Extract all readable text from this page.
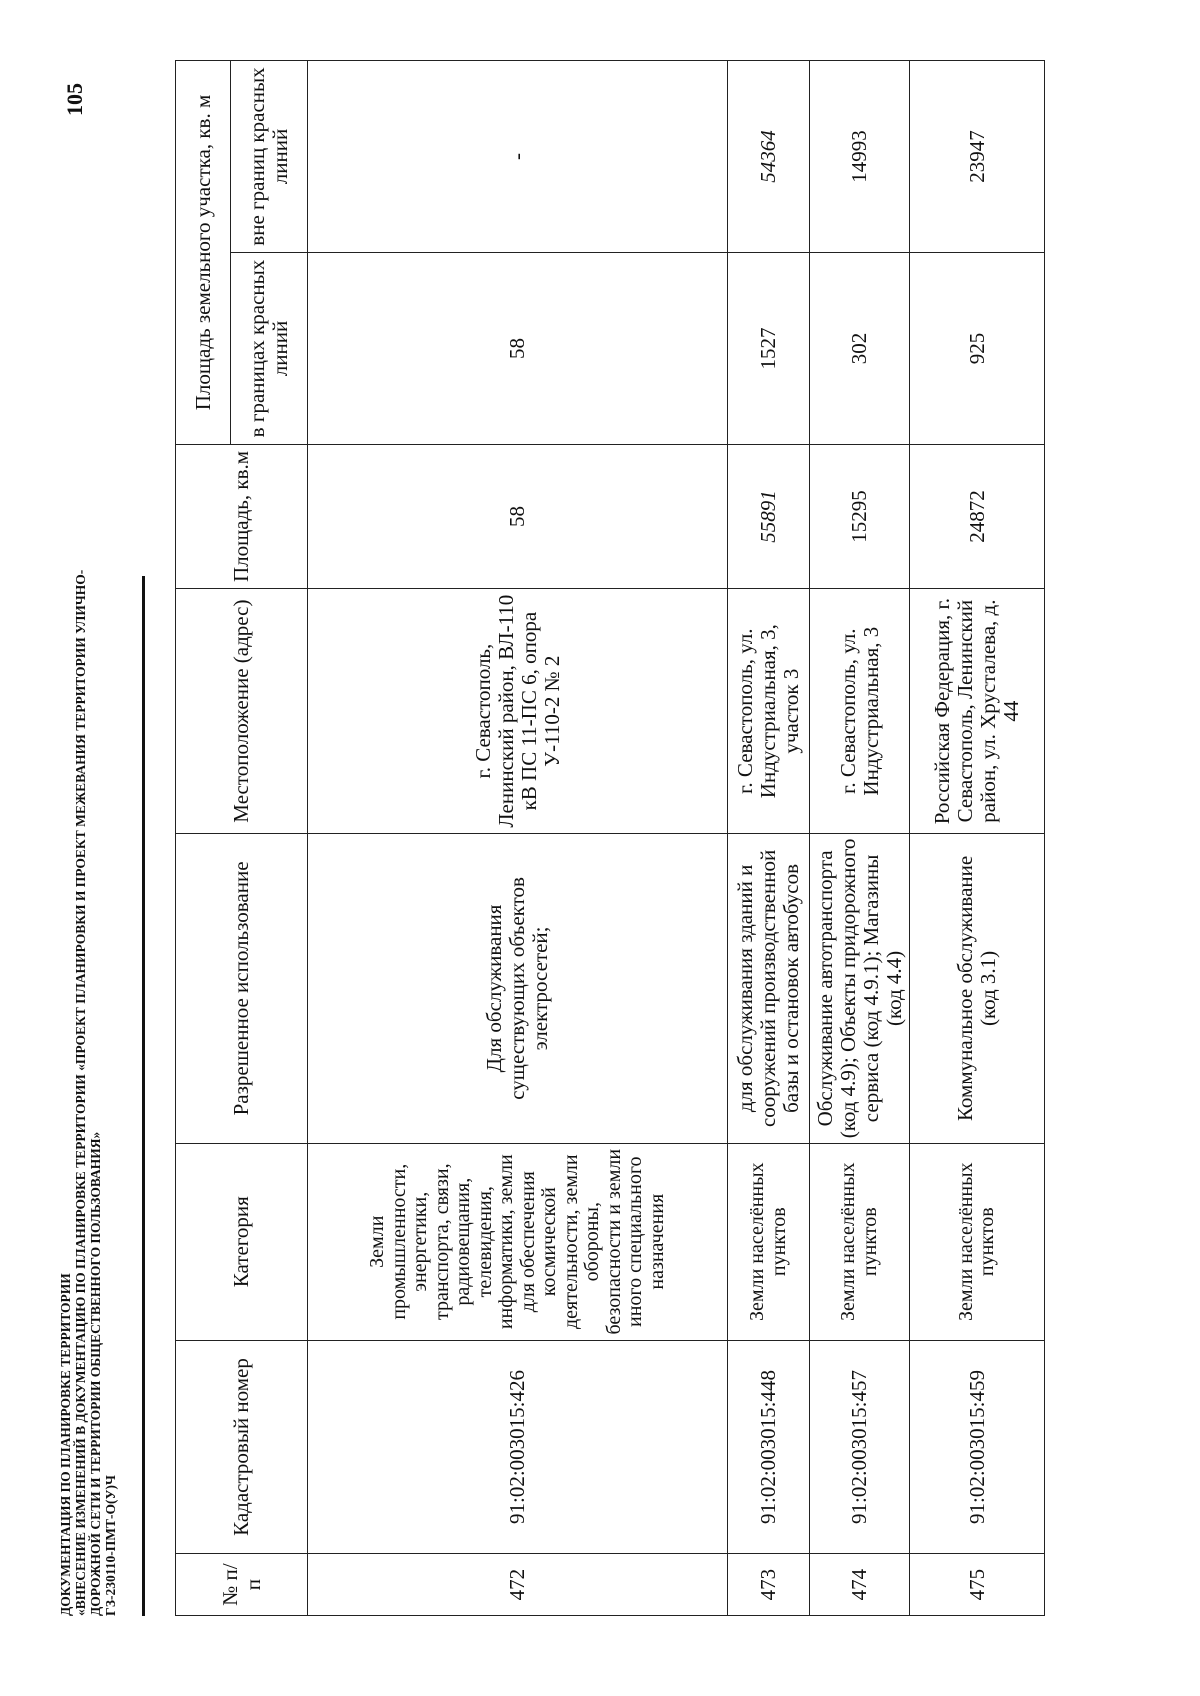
ДОКУМЕНТАЦИЯ ПО ПЛАНИРОВКЕ ТЕРРИТОРИИ «ВНЕСЕНИЕ ИЗМЕНЕНИЙ В ДОКУМЕНТАЦИЮ ПО ПЛАНИРОВКЕ ТЕРРИТОРИИ «ПРОЕКТ ПЛАНИРОВКИ И ПРОЕКТ МЕЖЕВАНИЯ ТЕРРИТОРИИ УЛИЧНО- ДОРОЖНОЙ СЕТИ И ТЕРРИТОРИИ ОБЩЕСТВЕННОГО ПОЛЬЗОВАНИЯ» ГЗ-230110-ПМТ-О(У)Ч
105
№ п/п	Кадастровый номер	Категория	Разрешенное использование	Местоположение (адрес)	Площадь, кв.м	Площадь земельного участка, кв. м	
						в границах красных линий	вне границ красных линий
472	91:02:003015:426	Земли промышленности, энергетики, транспорта, связи, радиовещания, телевидения, информатики, земли для обеспечения космической деятельности, земли обороны, безопасности и земли иного специального назначения	Для обслуживания существующих объектов электросетей;	г. Севастополь, Ленинский район, ВЛ-110 кВ ПС 11-ПС 6, опора У-110-2 № 2	58	58	-
473	91:02:003015:448	Земли населённых пунктов	для обслуживания зданий и сооружений производственной базы и остановок автобусов	г. Севастополь, ул. Индустриальная, 3, участок 3	55891	1527	54364
474	91:02:003015:457	Земли населённых пунктов	Обслуживание автотранспорта (код 4.9); Объекты придорожного сервиса (код 4.9.1); Магазины (код 4.4)	г. Севастополь, ул. Индустриальная, 3	15295	302	14993
475	91:02:003015:459	Земли населённых пунктов	Коммунальное обслуживание (код 3.1)	Российская Федерация, г. Севастополь, Ленинский район, ул. Хрусталева, д. 44	24872	925	23947
